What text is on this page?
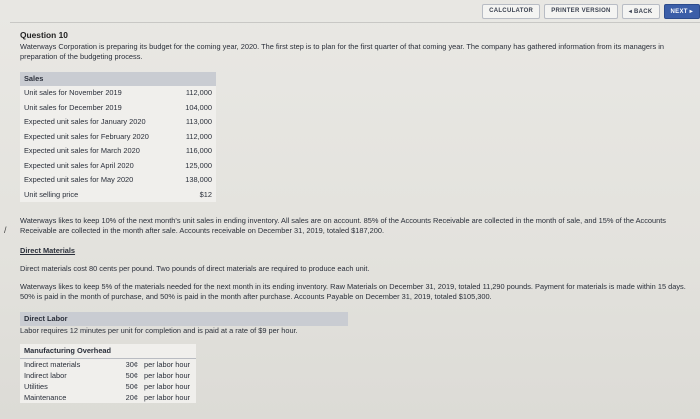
CALCULATOR	PRINTER VERSION	◂ BACK	NEXT ▸
/
Question 10
Waterways Corporation is preparing its budget for the coming year, 2020. The first step is to plan for the first quarter of that coming year. The company has gathered information from its managers in preparation of the budgeting process.
Sales
Unit sales for November 2019	112,000
Unit sales for December 2019	104,000
Expected unit sales for January 2020	113,000
Expected unit sales for February 2020	112,000
Expected unit sales for March 2020	116,000
Expected unit sales for April 2020	125,000
Expected unit sales for May 2020	138,000
Unit selling price	$12
Waterways likes to keep 10% of the next month's unit sales in ending inventory. All sales are on account. 85% of the Accounts Receivable are collected in the month of sale, and 15% of the Accounts Receivable are collected in the month after sale. Accounts receivable on December 31, 2019, totaled $187,200.
Direct Materials
Direct materials cost 80 cents per pound. Two pounds of direct materials are required to produce each unit.
Waterways likes to keep 5% of the materials needed for the next month in its ending inventory. Raw Materials on December 31, 2019, totaled 11,290 pounds. Payment for materials is made within 15 days. 50% is paid in the month of purchase, and 50% is paid in the month after purchase. Accounts Payable on December 31, 2019, totaled $105,300.
Direct Labor
Labor requires 12 minutes per unit for completion and is paid at a rate of $9 per hour.
Manufacturing Overhead
Indirect materials	30¢ per labor hour
Indirect labor	50¢ per labor hour
Utilities	50¢ per labor hour
Maintenance	20¢ per labor hour
